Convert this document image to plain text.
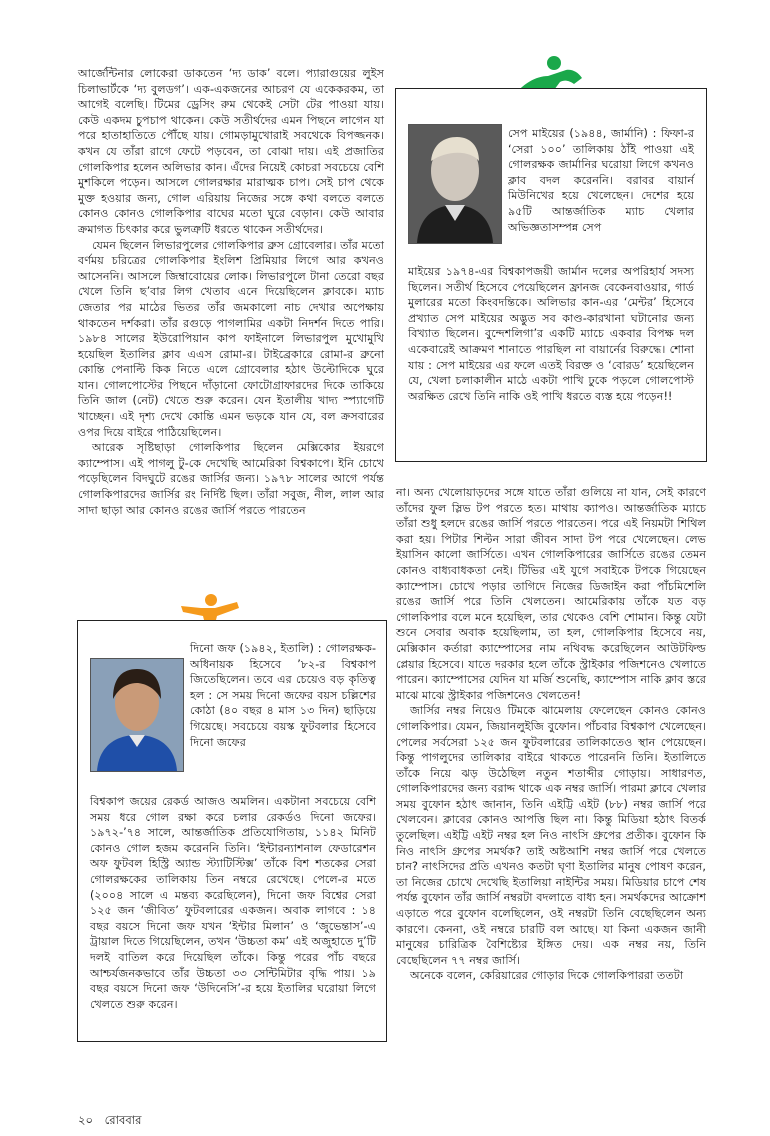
আর্জেন্টিনার লোকেরা ডাকতেন ‘দ্য ডাক’ বলে। প্যারাগুয়ের লুইস চিলাভার্টকে ‘দ্য বুলডগ’। এক-একজনের আচরণ যে একেকরকম, তা আগেই বলেছি। টিমের ড্রেসিং রুম থেকেই সেটা টের পাওয়া যায়। কেউ একদম চুপচাপ থাকেন। কেউ সতীর্থদের এমন পিছনে লাগেন যা পরে হাতাহাতিতে পৌঁছে যায়। গোমড়ামুখোরাই সবথেকে বিপজ্জনক। কখন যে তাঁরা রাগে ফেটে পড়বেন, তা বোঝা দায়। এই প্রজাতির গোলকিপার হলেন অলিভার কান। এঁদের নিয়েই কোচরা সবচেয়ে বেশি মুশকিলে পড়েন। আসলে গোলরক্ষার মারাত্মক চাপ। সেই চাপ থেকে মুক্ত হওয়ার জন্য, গোল এরিয়ায় নিজের সঙ্গে কথা বলতে বলতে কোনও কোনও গোলকিপার বাঘের মতো ঘুরে বেড়ান। কেউ আবার ক্রমাগত চিৎকার করে ভুলত্রুটি ধরতে থাকেন সতীর্থদের।

যেমন ছিলেন লিভারপুলের গোলকিপার ব্রুস গ্রোবেলার। তাঁর মতো বর্ণময় চরিত্রের গোলকিপার ইংলিশ প্রিমিয়ার লিগে আর কখনও আসেননি। আসলে জিম্বাবোয়ের লোক। লিভারপুলে টানা তেরো বছর খেলে তিনি ছ’বার লিগ খেতাব এনে দিয়েছিলেন ক্লাবকে। ম্যাচ জেতার পর মাঠের ভিতর তাঁর জমকালো নাচ দেখার অপেক্ষায় থাকতেন দর্শকরা। তাঁর রগুড়ে পাগলামির একটা নিদর্শন দিতে পারি। ১৯৮৪ সালের ইউরোপিয়ান কাপ ফাইনালে লিভারপুল মুখোমুখি হয়েছিল ইতালির ক্লাব এএস রোমা-র। টাইব্রেকারে রোমা-র ব্রুনো কোন্তি পেনাল্টি কিক নিতে এলে গ্রোবেলার হঠাৎ উল্টোদিকে ঘুরে যান। গোলপোস্টের পিছনে দাঁড়ানো ফোটোগ্রাফারদের দিকে তাকিয়ে তিনি জাল (নেট) খেতে শুরু করেন। যেন ইতালীয় খাদ্য স্প্যাগেটি খাচ্ছেন। এই দৃশ্য দেখে কোন্তি এমন ভড়কে যান যে, বল ক্রসবারের ওপর দিয়ে বাইরে পাঠিয়েছিলেন।

আরেক সৃষ্টিছাড়া গোলকিপার ছিলেন মেক্সিকোর ইয়রগে ক্যাম্পোস। এই পাগলু টু-কে দেখেছি আমেরিকা বিশ্বকাপে। ইনি চোখে পড়েছিলেন বিদঘুটে রঙের জার্সির জন্য। ১৯৭৮ সালের আগে পর্যন্ত গোলকিপারদের জার্সির রং নির্দিষ্ট ছিল। তাঁরা সবুজ, নীল, লাল আর সাদা ছাড়া আর কোনও রঙের জার্সি পরতে পারতেন

সেপ মাইয়ের (১৯৪৪, জার্মানি) : ফিফা-র ‘সেরা ১০০’ তালিকায় ঠাঁই পাওয়া এই গোলরক্ষক জার্মানির ঘরোয়া লিগে কখনও ক্লাব বদল করেননি। বরাবর বায়ার্ন মিউনিখের হয়ে খেলেছেন। দেশের হয়ে ৯৫টি আন্তর্জাতিক ম্যাচ খেলার অভিজ্ঞতাসম্পন্ন সেপ
মাইয়ের ১৯৭৪-এর বিশ্বকাপজয়ী জার্মান দলের অপরিহার্য সদস্য ছিলেন। সতীর্থ হিসেবে পেয়েছিলেন ফ্রানজ বেকেনবাওয়ার, গার্ড মুলারের মতো কিংবদন্তিকে। অলিভার কান-এর ‘মেন্টর’ হিসেবে প্রখ্যাত সেপ মাইয়ের অদ্ভুত সব কাণ্ড-কারখানা ঘটানোর জন্য বিখ্যাত ছিলেন। বুন্দেশলিগা’র একটি ম্যাচে একবার বিপক্ষ দল একেবারেই আক্রমণ শানাতে পারছিল না বায়ার্নের বিরুদ্ধে। শোনা যায় : সেপ মাইয়ের এর ফলে এতই বিরক্ত ও ‘বোরড’ হয়েছিলেন যে, খেলা চলাকালীন মাঠে একটা পাখি ঢুকে পড়লে গোলপোস্ট অরক্ষিত রেখে তিনি নাকি ওই পাখি ধরতে ব্যস্ত হয়ে পড়েন!!
দিনো জফ (১৯৪২, ইতালি) : গোলরক্ষক-অধিনায়ক হিসেবে ’৮২-র বিশ্বকাপ জিতেছিলেন। তবে এর চেয়েও বড় কৃতিত্ব হল : সে সময় দিনো জফের বয়স চল্লিশের কোঠা (৪০ বছর ৪ মাস ১৩ দিন) ছাড়িয়ে গিয়েছে। সবচেয়ে বয়স্ক ফুটবলার হিসেবে দিনো জফের
বিশ্বকাপ জয়ের রেকর্ড আজও অমলিন। একটানা সবচেয়ে বেশি সময় ধরে গোল রক্ষা করে চলার রেকর্ডও দিনো জফের। ১৯৭২-’৭৪ সালে, আন্তর্জাতিক প্রতিযোগিতায়, ১১৪২ মিনিট কোনও গোল হজম করেননি তিনি। ‘ইন্টারন্যাশনাল ফেডারেশন অফ ফুটবল হিস্ট্রি অ্যান্ড স্ট্যাটিস্টিক্স’ তাঁকে বিশ শতকের সেরা গোলরক্ষকের তালিকায় তিন নম্বরে রেখেছে। পেলে-র মতে (২০০৪ সালে এ মন্তব্য করেছিলেন), দিনো জফ বিশ্বের সেরা ১২৫ জন ‘জীবিত’ ফুটবলারের একজন। অবাক লাগবে : ১৪ বছর বয়সে দিনো জফ যখন ‘ইন্টার মিলান’ ও ‘জুভেন্তাস’-এ ট্রায়াল দিতে গিয়েছিলেন, তখন ‘উচ্চতা কম’ এই অজুহাতে দু’টি দলই বাতিল করে দিয়েছিল তাঁকে। কিন্তু পরের পাঁচ বছরে আশ্চর্যজনকভাবে তাঁর উচ্চতা ৩৩ সেন্টিমিটার বৃদ্ধি পায়। ১৯ বছর বয়সে দিনো জফ ‘উদিনেসি’-র হয়ে ইতালির ঘরোয়া লিগে খেলতে শুরু করেন।

না। অন্য খেলোয়াড়দের সঙ্গে যাতে তাঁরা গুলিয়ে না যান, সেই কারণে তাঁদের ফুল স্লিভ টপ পরতে হত। মাথায় ক্যাপও। আন্তর্জাতিক ম্যাচে তাঁরা শুধু হলদে রঙের জার্সি পরতে পারতেন। পরে এই নিয়মটা শিথিল করা হয়। পিটার শিল্টন সারা জীবন সাদা টপ পরে খেলেছেন। লেভ ইয়াসিন কালো জার্সিতে। এখন গোলকিপারের জার্সিতে রঙের তেমন কোনও বাধ্যবাধকতা নেই। টিভির এই যুগে সবাইকে টপকে গিয়েছেন ক্যাম্পোস। চোখে পড়ার তাগিদে নিজের ডিজাইন করা পাঁচমিশেলি রঙের জার্সি পরে তিনি খেলতেন। আমেরিকায় তাঁকে যত বড় গোলকিপার বলে মনে হয়েছিল, তার থেকেও বেশি শোমান। কিন্তু যেটা শুনে সেবার অবাক হয়েছিলাম, তা হল, গোলকিপার হিসেবে নয়, মেক্সিকান কর্তারা ক্যাম্পোসের নাম নথিবদ্ধ করেছিলেন আউটফিল্ড প্লেয়ার হিসেবে। যাতে দরকার হলে তাঁকে স্ট্রাইকার পজিশনেও খেলাতে পারেন। ক্যাম্পোসের যেদিন যা মর্জি শুনেছি, ক্যাম্পোস নাকি ক্লাব স্তরে মাঝে মাঝে স্ট্রাইকার পজিশনেও খেলতেন!

জার্সির নম্বর নিয়েও টিমকে ঝামেলায় ফেলেছেন কোনও কোনও গোলকিপার। যেমন, জিয়ানলুইজি বুফোন। পাঁচবার বিশ্বকাপ খেলেছেন। পেলের সর্বসেরা ১২৫ জন ফুটবলারের তালিকাতেও স্থান পেয়েছেন। কিন্তু পাগলুদের তালিকার বাইরে থাকতে পারেননি তিনি। ইতালিতে তাঁকে নিয়ে ঝড় উঠেছিল নতুন শতাব্দীর গোড়ায়। সাধারণত, গোলকিপারদের জন্য বরাদ্দ থাকে এক নম্বর জার্সি। পারমা ক্লাবে খেলার সময় বুফোন হঠাৎ জানান, তিনি এইট্টি এইট (৮৮) নম্বর জার্সি পরে খেলবেন। ক্লাবের কোনও আপত্তি ছিল না। কিন্তু মিডিয়া হঠাৎ বিতর্ক তুলেছিল। এইট্টি এইট নম্বর হল নিও নাৎসি গ্রুপের প্রতীক। বুফোন কি নিও নাৎসি গ্রুপের সমর্থক? তাই অষ্টআশি নম্বর জার্সি পরে খেলতে চান? নাৎসিদের প্রতি এখনও কতটা ঘৃণা ইতালির মানুষ পোষণ করেন, তা নিজের চোখে দেখেছি ইতালিয়া নাইন্টির সময়। মিডিয়ার চাপে শেষ পর্যন্ত বুফোন তাঁর জার্সি নম্বরটা বদলাতে বাধ্য হন। সমর্থকদের আক্রোশ এড়াতে পরে বুফোন বলেছিলেন, ওই নম্বরটা তিনি বেছেছিলেন অন্য কারণে। কেননা, ওই নম্বরে চারটি বল আছে। যা কিনা একজন জানী মানুষের চারিত্রিক বৈশিষ্ট্যের ইঙ্গিত দেয়। এক নম্বর নয়, তিনি বেছেছিলেন ৭৭ নম্বর জার্সি।

অনেকে বলেন, কেরিয়ারের গোড়ার দিকে গোলকিপাররা ততটা

২০ রোববার
